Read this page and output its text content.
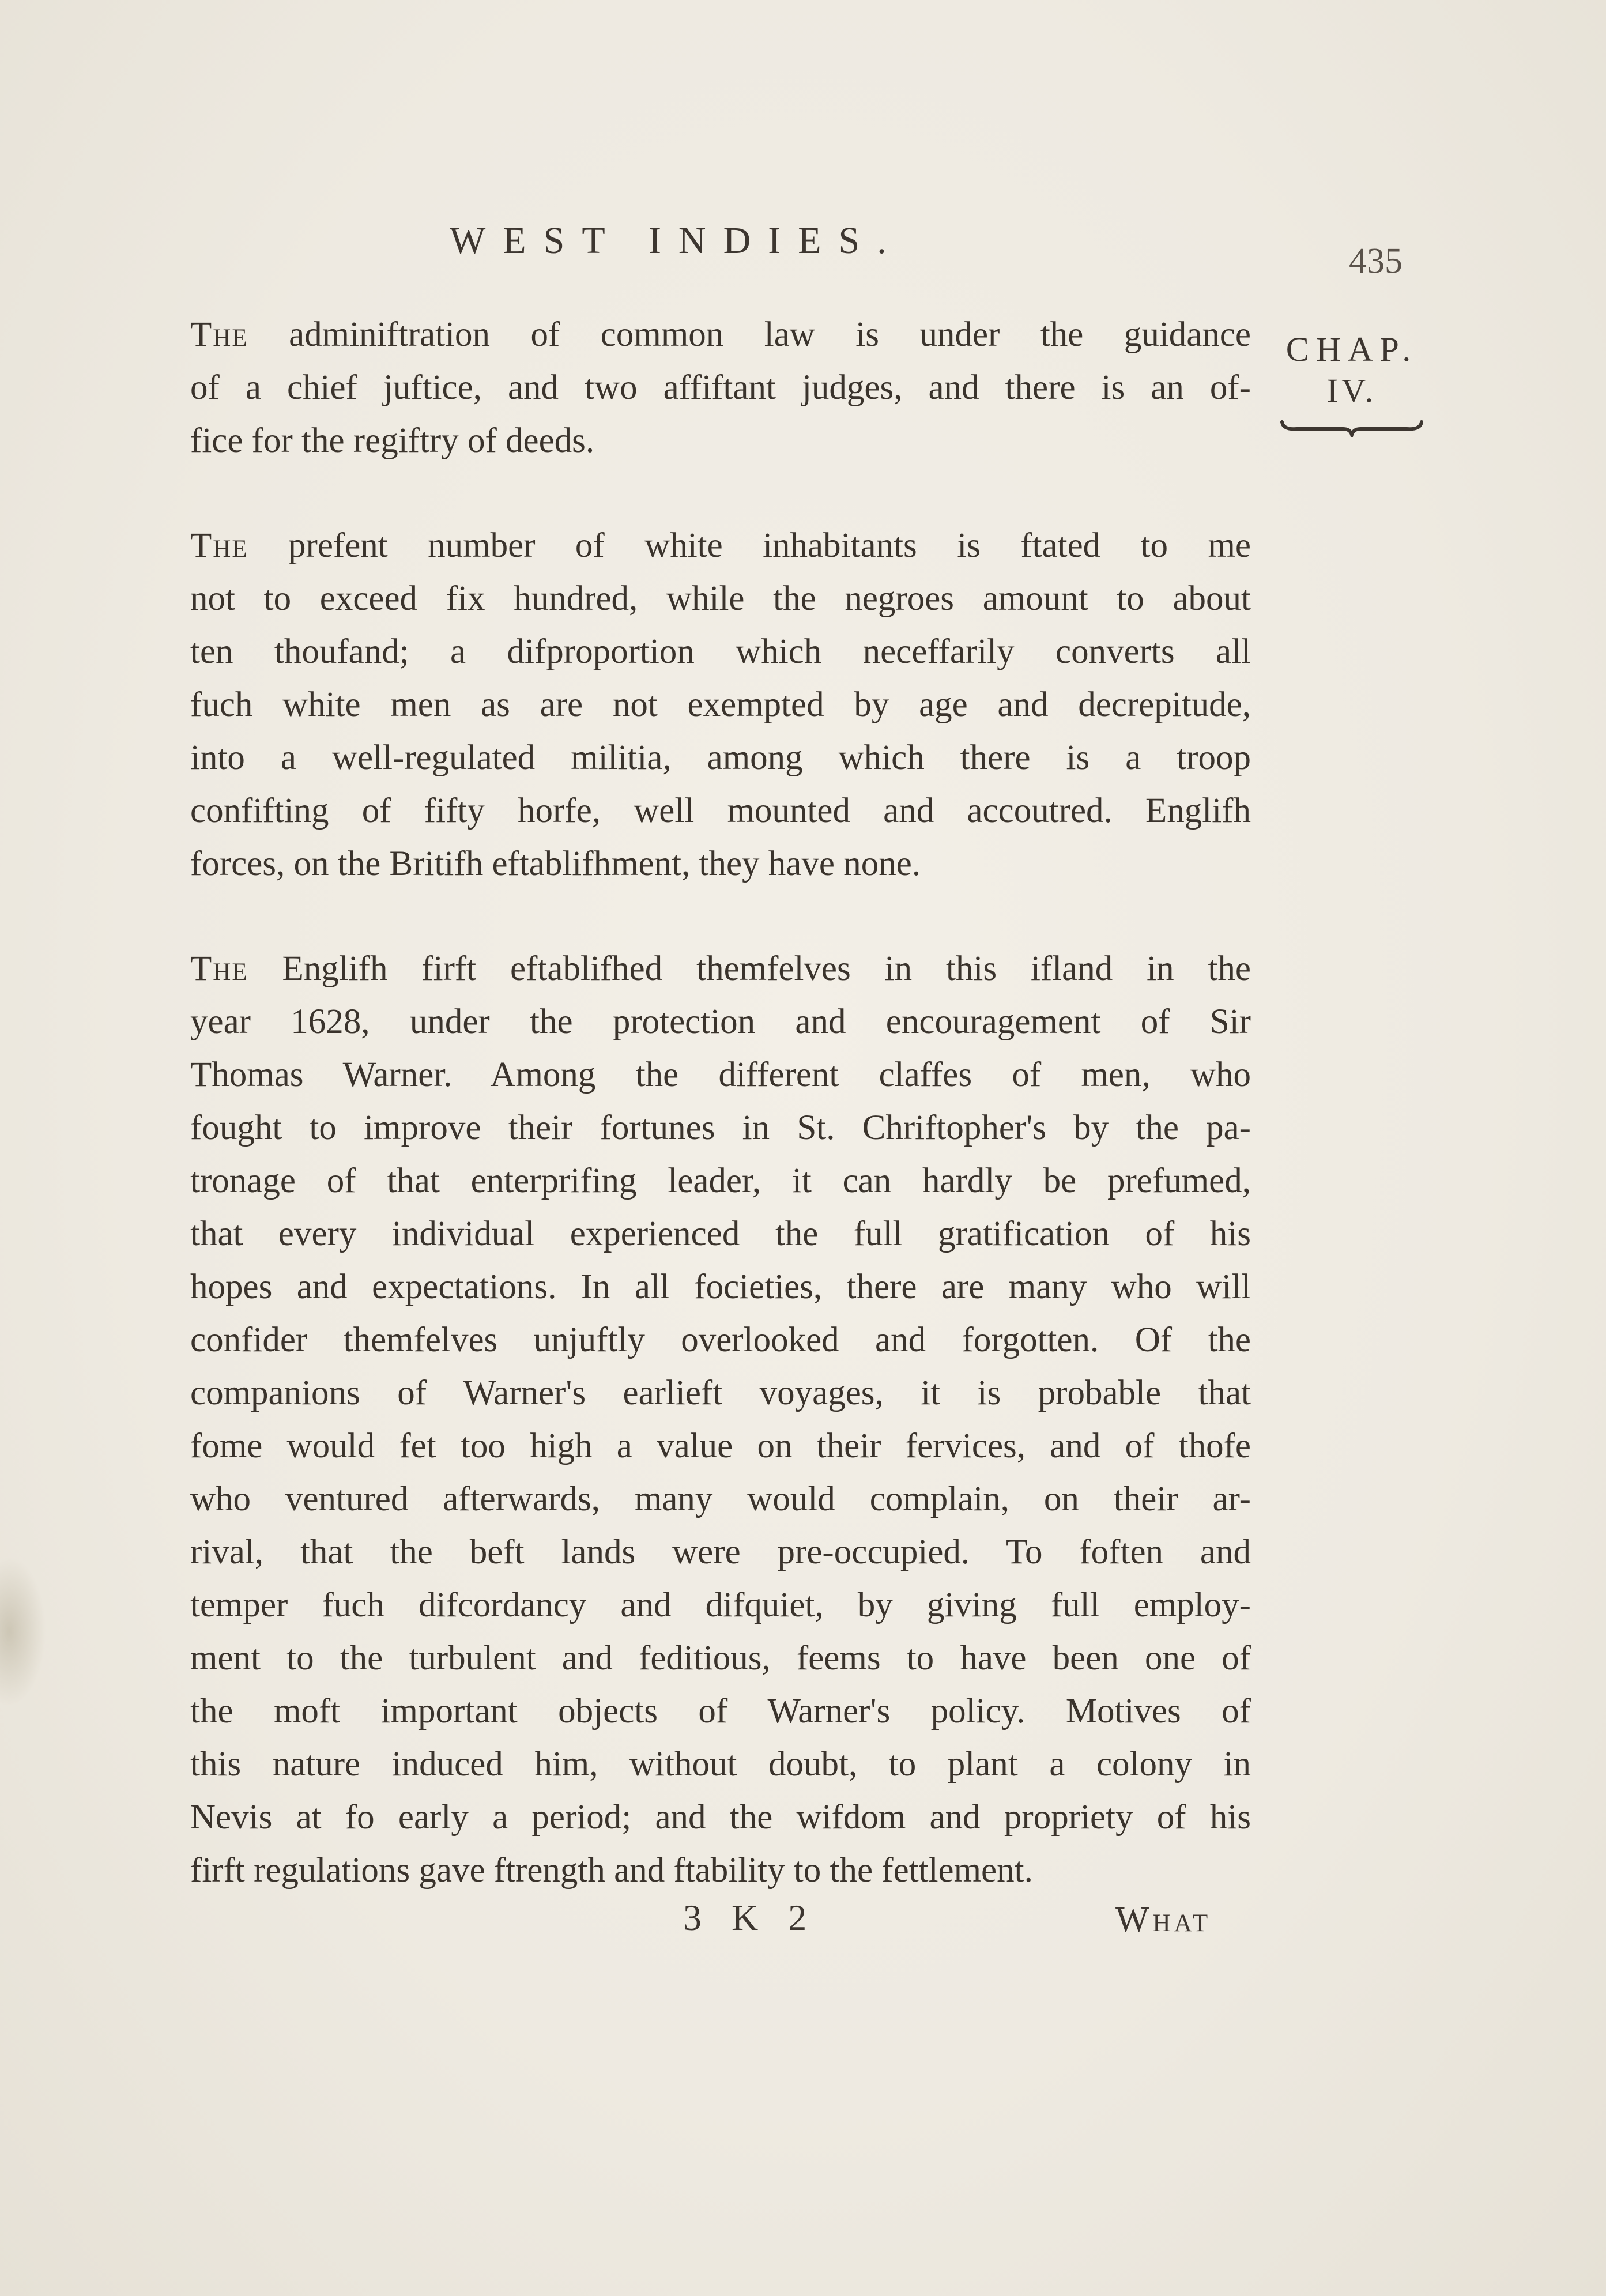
WEST INDIES.	435
CHAP.
IV.
The adminiftration of common law is under the guidance
of a chief juftice, and two affiftant judges, and there is an of-
fice for the regiftry of deeds.
The prefent number of white inhabitants is ftated to me
not to exceed fix hundred, while the negroes amount to about
ten thoufand; a difproportion which neceffarily converts all
fuch white men as are not exempted by age and decrepitude,
into a well-regulated militia, among which there is a troop
confifting of fifty horfe, well mounted and accoutred. Englifh
forces, on the Britifh eftablifhment, they have none.
The Englifh firft eftablifhed themfelves in this ifland in the
year 1628, under the protection and encouragement of Sir
Thomas Warner. Among the different claffes of men, who
fought to improve their fortunes in St. Chriftopher's by the pa-
tronage of that enterprifing leader, it can hardly be prefumed,
that every individual experienced the full gratification of his
hopes and expectations. In all focieties, there are many who will
confider themfelves unjuftly overlooked and forgotten. Of the
companions of Warner's earlieft voyages, it is probable that
fome would fet too high a value on their fervices, and of thofe
who ventured afterwards, many would complain, on their ar-
rival, that the beft lands were pre-occupied. To foften and
temper fuch difcordancy and difquiet, by giving full employ-
ment to the turbulent and feditious, feems to have been one of
the moft important objects of Warner's policy. Motives of
this nature induced him, without doubt, to plant a colony in
Nevis at fo early a period; and the wifdom and propriety of his
firft regulations gave ftrength and ftability to the fettlement.
3 K 2	What
